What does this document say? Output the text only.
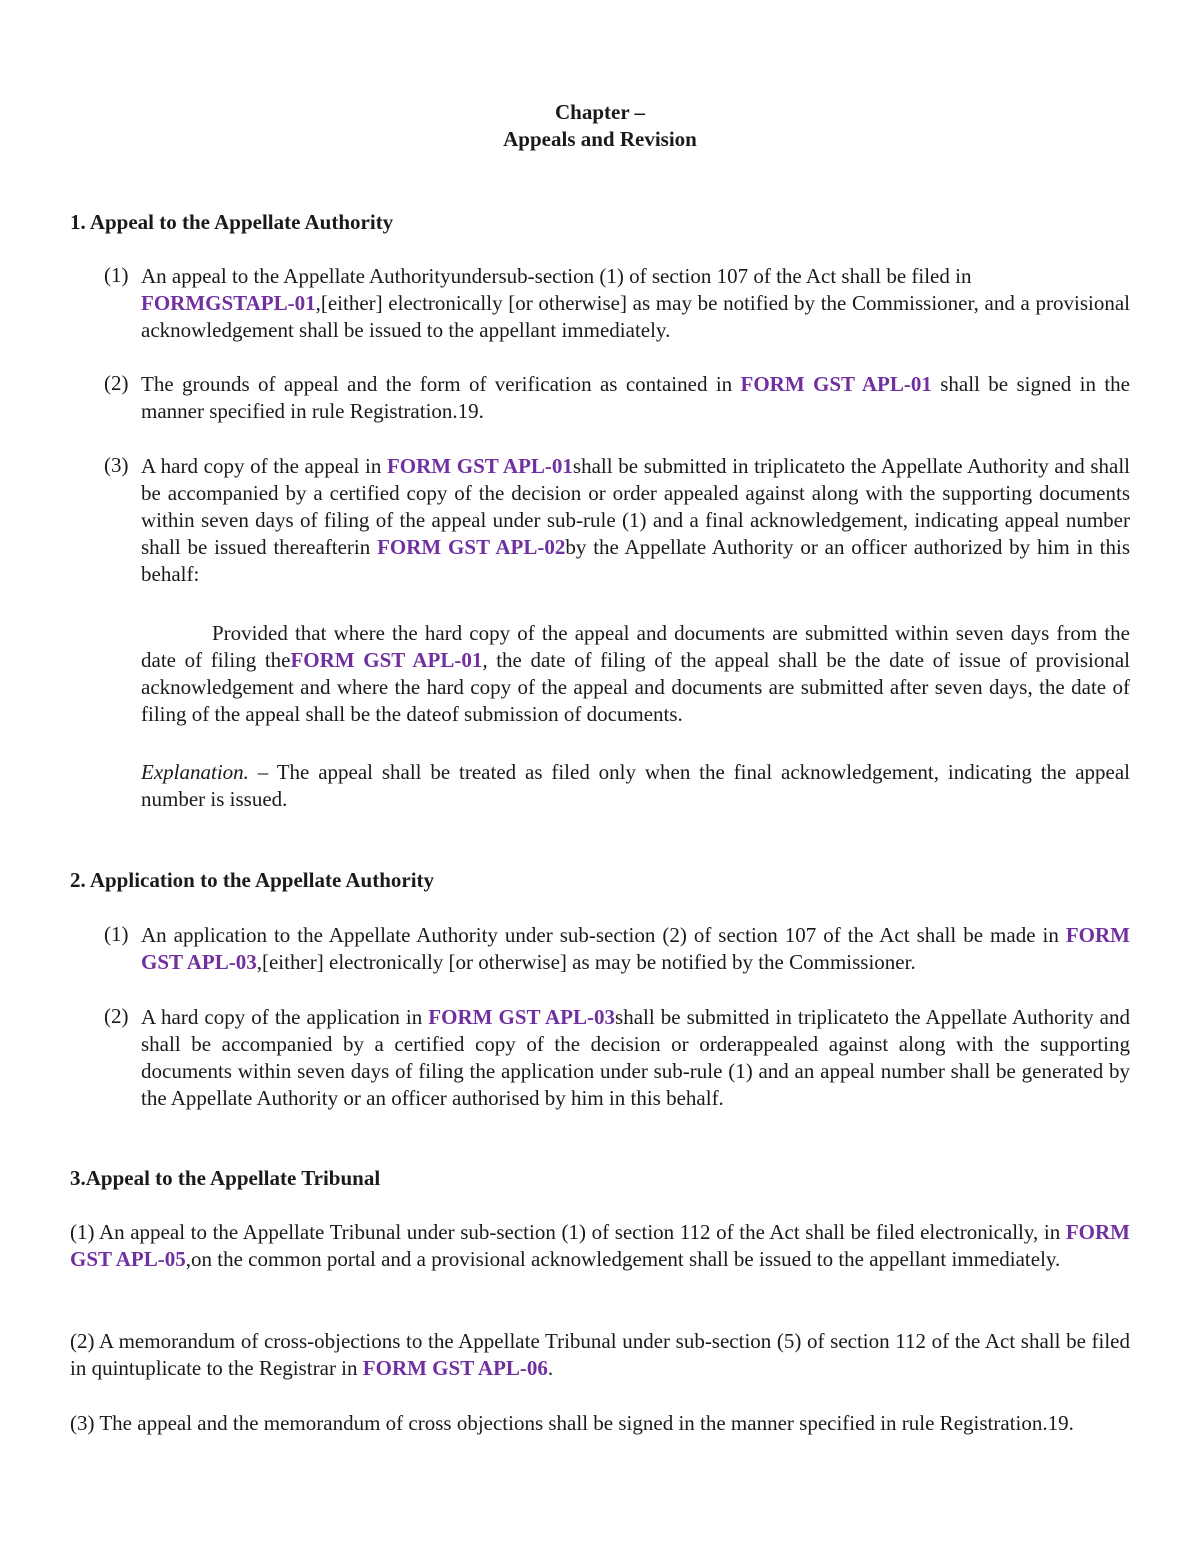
Chapter –
Appeals and Revision
1. Appeal to the Appellate Authority
(1) An appeal to the Appellate Authorityundersub-section (1) of section 107 of the Act shall be filed in
FORMGSTAPL-01,[either] electronically [or otherwise] as may be notified by the Commissioner, and a provisional acknowledgement shall be issued to the appellant immediately.
(2) The grounds of appeal and the form of verification as contained in FORM GST APL-01 shall be signed in the manner specified in rule Registration.19.
(3) A hard copy of the appeal in FORM GST APL-01shall be submitted in triplicateto the Appellate Authority and shall be accompanied by a certified copy of the decision or order appealed against along with the supporting documents within seven days of filing of the appeal under sub-rule (1) and a final acknowledgement, indicating appeal number shall be issued thereafterin FORM GST APL-02by the Appellate Authority or an officer authorized by him in this behalf:
Provided that where the hard copy of the appeal and documents are submitted within seven days from the date of filing theFORM GST APL-01, the date of filing of the appeal shall be the date of issue of provisional acknowledgement and where the hard copy of the appeal and documents are submitted after seven days, the date of filing of the appeal shall be the dateof submission of documents.
Explanation. – The appeal shall be treated as filed only when the final acknowledgement, indicating the appeal number is issued.
2. Application to the Appellate Authority
(1) An application to the Appellate Authority under sub-section (2) of section 107 of the Act shall be made in FORM GST APL-03,[either] electronically [or otherwise] as may be notified by the Commissioner.
(2) A hard copy of the application in FORM GST APL-03shall be submitted in triplicateto the Appellate Authority and shall be accompanied by a certified copy of the decision or orderappealed against along with the supporting documents within seven days of filing the application under sub-rule (1) and an appeal number shall be generated by the Appellate Authority or an officer authorised by him in this behalf.
3.Appeal to the Appellate Tribunal
(1) An appeal to the Appellate Tribunal under sub-section (1) of section 112 of the Act shall be filed electronically, in FORM GST APL-05,on the common portal and a provisional acknowledgement shall be issued to the appellant immediately.
(2) A memorandum of cross-objections to the Appellate Tribunal under sub-section (5) of section 112 of the Act shall be filed in quintuplicate to the Registrar in FORM GST APL-06.
(3) The appeal and the memorandum of cross objections shall be signed in the manner specified in rule Registration.19.
